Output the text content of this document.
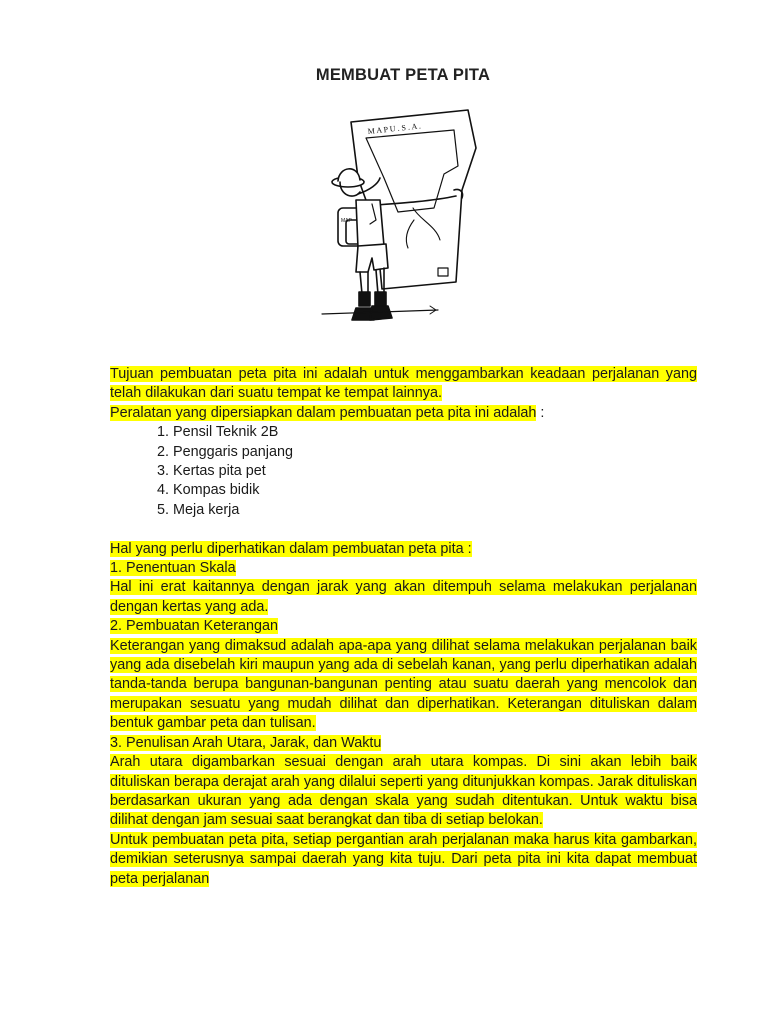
MEMBUAT PETA PITA
M A P U . S . A .
MAP

Tujuan pembuatan peta pita ini adalah untuk menggambarkan keadaan perjalanan yang telah dilakukan dari suatu tempat ke tempat lainnya.

Peralatan yang dipersiapkan dalam pembuatan peta pita ini adalah :

1. Pensil Teknik 2B
2. Penggaris panjang
3. Kertas pita pet
4. Kompas bidik
5. Meja kerja

Hal yang perlu diperhatikan dalam pembuatan peta pita :

1. Penentuan Skala

Hal ini erat kaitannya dengan jarak yang akan ditempuh selama melakukan perjalanan dengan kertas yang ada.

2. Pembuatan Keterangan

Keterangan yang dimaksud adalah apa-apa yang dilihat selama melakukan perjalanan baik yang ada disebelah kiri maupun yang ada di sebelah kanan, yang perlu diperhatikan adalah tanda-tanda berupa bangunan-bangunan penting atau suatu daerah yang mencolok dan merupakan sesuatu yang mudah dilihat dan diperhatikan. Keterangan dituliskan dalam bentuk gambar peta dan tulisan.

3. Penulisan Arah Utara, Jarak, dan Waktu

Arah utara digambarkan sesuai dengan arah utara kompas. Di sini akan lebih baik dituliskan berapa derajat arah yang dilalui seperti yang ditunjukkan kompas. Jarak dituliskan berdasarkan ukuran yang ada dengan skala yang sudah ditentukan. Untuk waktu bisa dilihat dengan jam sesuai saat berangkat dan tiba di setiap belokan.

Untuk pembuatan peta pita, setiap pergantian arah perjalanan maka harus kita gambarkan, demikian seterusnya sampai daerah yang kita tuju. Dari peta pita ini kita dapat membuat peta perjalanan
